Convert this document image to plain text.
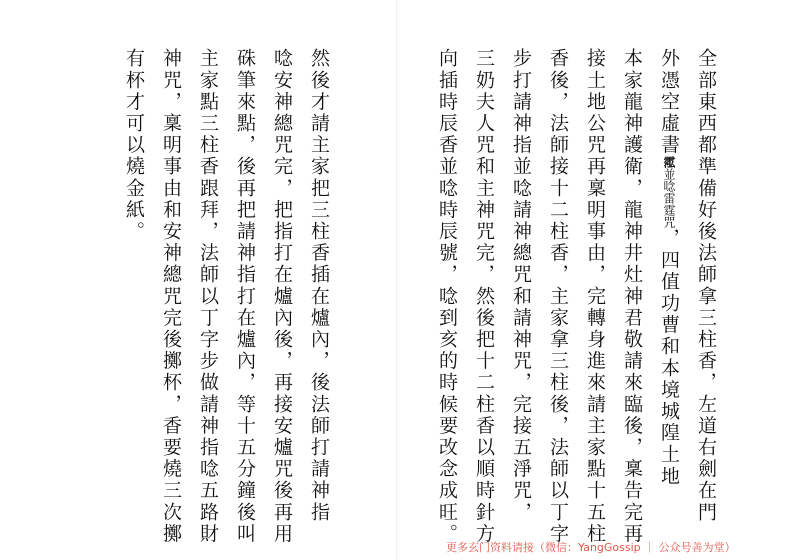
全部東西都準備好後法師拿三柱香，左道右劍在門
外憑空虛書霐並唸雷霆咒，四值功曹和本境城隍土地
本家龍神護衛，龍神井灶神君敬請來臨後，稟告完再
接土地公咒再稟明事由，完轉身進來請主家點十五柱
香後，法師接十二柱香，主家拿三柱後，法師以丁字
步打請神指並唸請神總咒和請神咒，完接五淨咒，
三奶夫人咒和主神咒完，然後把十二柱香以順時針方
向插時辰香並唸時辰號，唸到亥的時候要改念成旺。
然後才請主家把三柱香插在爐內，後法師打請神指
唸安神總咒完，把指打在爐內後，再接安爐咒後再用
硃筆來點，後再把請神指打在爐內，等十五分鐘後叫
主家點三柱香跟拜，法師以丁字步做請神指唸五路財
神咒，稟明事由和安神總咒完後擲杯，香要燒三次擲
有杯才可以燒金紙。
更多玄门资料请接（微信：YangGossip ｜ 公众号善为堂）
